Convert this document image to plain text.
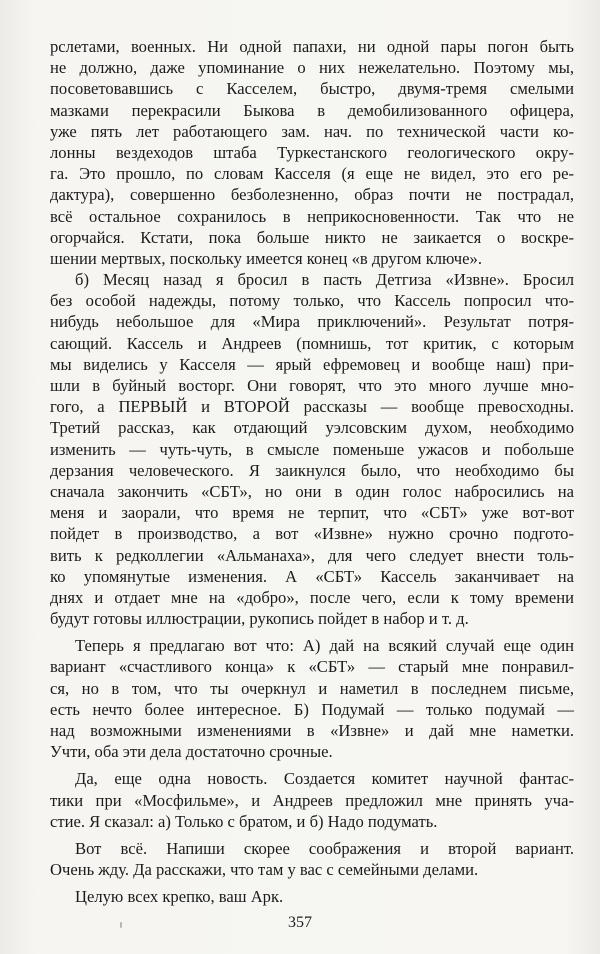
рслетами, военных. Ни одной папахи, ни одной пары погон быть
не должно, даже упоминание о них нежелательно. Поэтому мы,
посоветовавшись с Касселем, быстро, двумя-тремя смелыми
мазками перекрасили Быкова в демобилизованного офицера,
уже пять лет работающего зам. нач. по технической части ко-
лонны вездеходов штаба Туркестанского геологического окру-
га. Это прошло, по словам Касселя (я еще не видел, это его ре-
дактура), совершенно безболезненно, образ почти не пострадал,
всё остальное сохранилось в неприкосновенности. Так что не
огорчайся. Кстати, пока больше никто не заикается о воскре-
шении мертвых, поскольку имеется конец «в другом ключе».
б) Месяц назад я бросил в пасть Детгиза «Извне». Бросил
без особой надежды, потому только, что Кассель попросил что-
нибудь небольшое для «Мира приключений». Результат потря-
сающий. Кассель и Андреев (помнишь, тот критик, с которым
мы виделись у Касселя — ярый ефремовец и вообще наш) при-
шли в буйный восторг. Они говорят, что это много лучше мно-
гого, а ПЕРВЫЙ и ВТОРОЙ рассказы — вообще превосходны.
Третий рассказ, как отдающий уэлсовским духом, необходимо
изменить — чуть-чуть, в смысле поменьше ужасов и побольше
дерзания человеческого. Я заикнулся было, что необходимо бы
сначала закончить «СБТ», но они в один голос набросились на
меня и заорали, что время не терпит, что «СБТ» уже вот-вот
пойдет в производство, а вот «Извне» нужно срочно подгото-
вить к редколлегии «Альманаха», для чего следует внести толь-
ко упомянутые изменения. А «СБТ» Кассель заканчивает на
днях и отдает мне на «добро», после чего, если к тому времени
будут готовы иллюстрации, рукопись пойдет в набор и т. д.
Теперь я предлагаю вот что: А) дай на всякий случай еще один
вариант «счастливого конца» к «СБТ» — старый мне понравил-
ся, но в том, что ты очеркнул и наметил в последнем письме,
есть нечто более интересное. Б) Подумай — только подумай —
над возможными изменениями в «Извне» и дай мне наметки.
Учти, оба эти дела достаточно срочные.
Да, еще одна новость. Создается комитет научной фантас-
тики при «Мосфильме», и Андреев предложил мне принять уча-
стие. Я сказал: а) Только с братом, и б) Надо подумать.
Вот всё. Напиши скорее соображения и второй вариант.
Очень жду. Да расскажи, что там у вас с семейными делами.
Целую всех крепко, ваш Арк.
357
